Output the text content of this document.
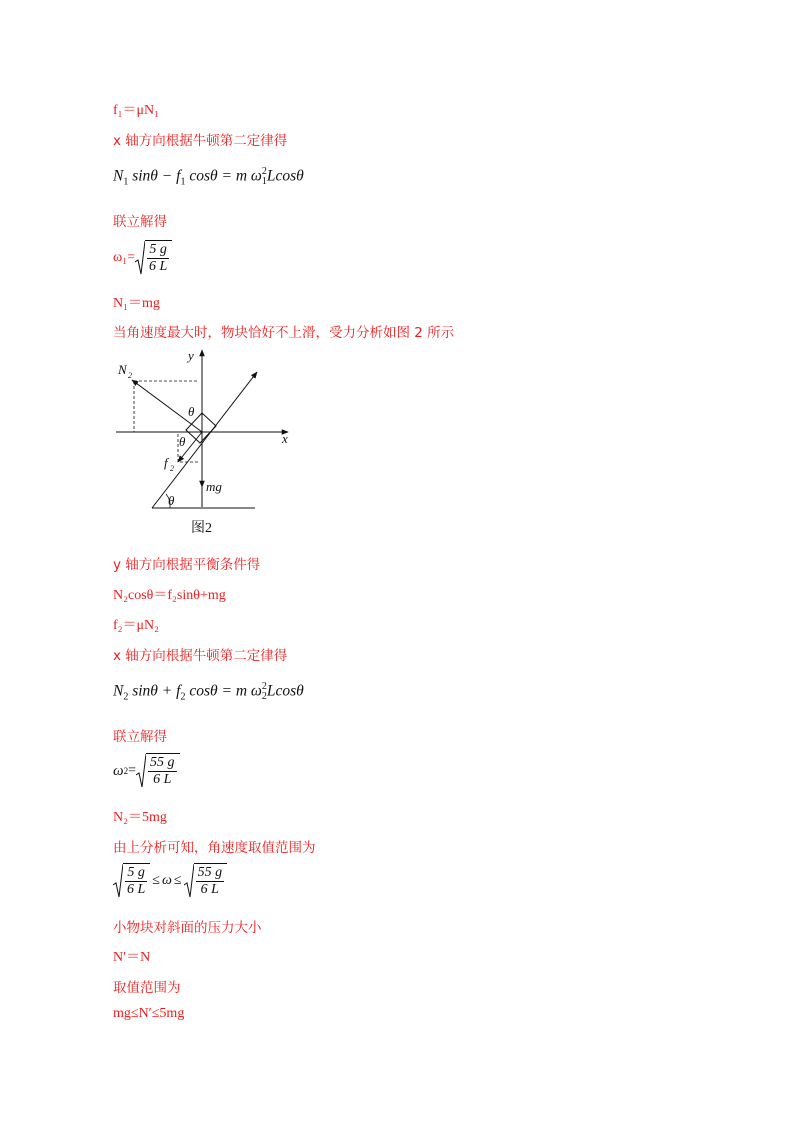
f₁＝μN₁
x 轴方向根据牛顿第二定律得
$N_1$ $\sin\theta - f_1$ cosθ = m ω 2
1 Lcosθ
联立解得
$\omega_1= \frac{5 g}{6 L}$
N₁＝mg
当角速度最大时，物块恰好不上滑，受力分析如图 2 所示
y
x
N 2
f 2
θ
θ
θ
mg
图2
y 轴方向根据平衡条件得
N₂cosθ＝f₂sinθ+mg
f₂＝μN₂
x 轴方向根据牛顿第二定律得
$N_2$ $\sin\theta + f_2$ cosθ = m ω 2
2 Lcosθ
联立解得
ω $2 = \frac{55 g}{6 L}$
N₂＝5mg
由上分析可知，角速度取值范围为
$\frac{5 g}{6 L} \le \omega \le \frac{55 g}{6 L}$
小物块对斜面的压力大小
N′＝N
取值范围为
mg≤N′≤5mg
